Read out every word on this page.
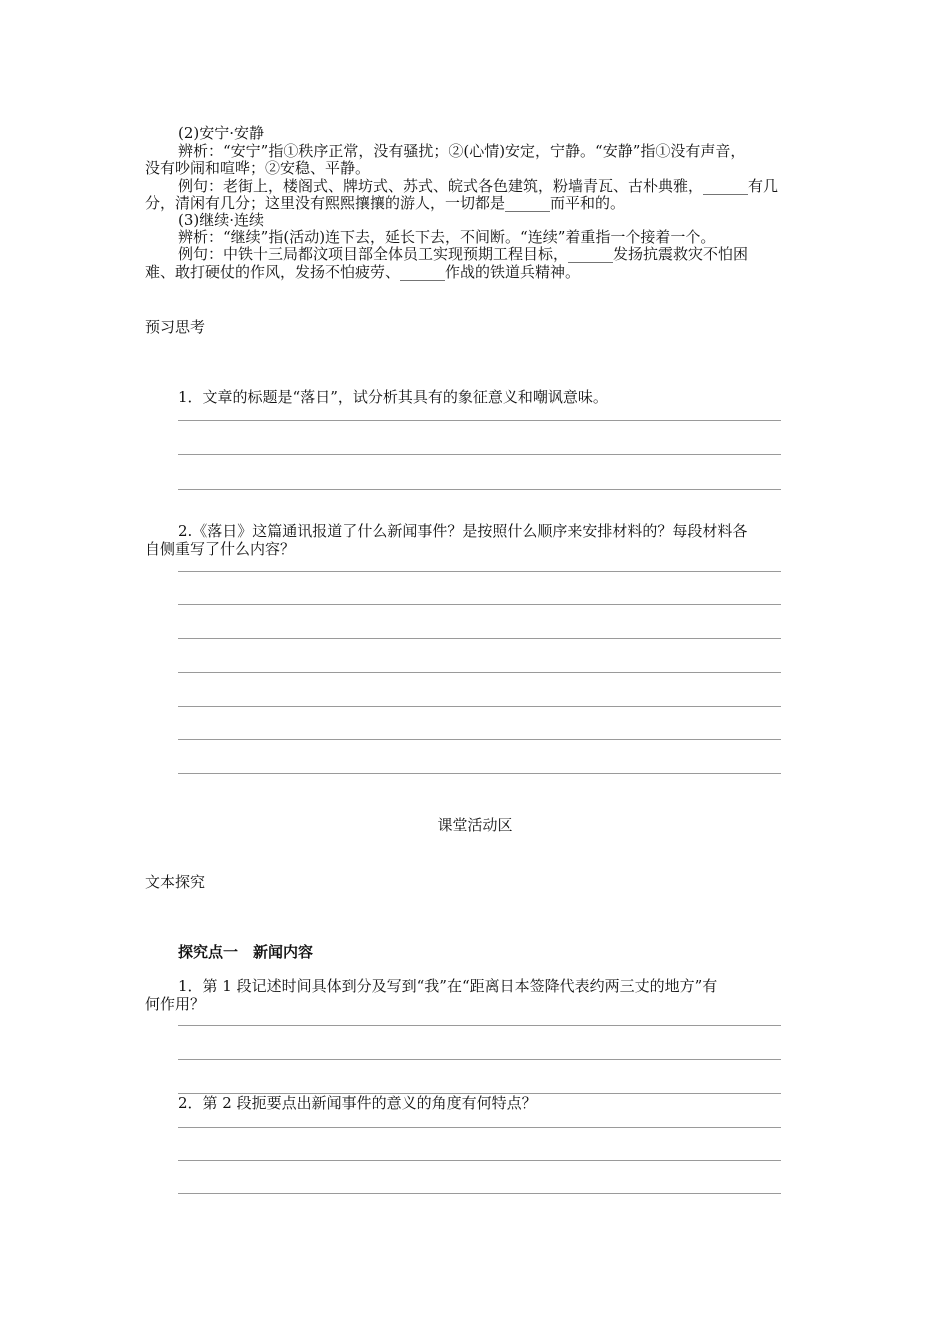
(2)安宁·安静
辨析：“安宁”指①秩序正常，没有骚扰；②(心情)安定，宁静。“安静”指①没有声音，
没有吵闹和喧哗；②安稳、平静。
例句：老街上，楼阁式、牌坊式、苏式、皖式各色建筑，粉墙青瓦、古朴典雅，______有几
分，清闲有几分；这里没有熙熙攘攘的游人，一切都是______而平和的。
(3)继续·连续
辨析：“继续”指(活动)连下去，延长下去，不间断。“连续”着重指一个接着一个。
例句：中铁十三局都汶项目部全体员工实现预期工程目标，______发扬抗震救灾不怕困
难、敢打硬仗的作风，发扬不怕疲劳、______作战的铁道兵精神。
预习思考
1．文章的标题是“落日”，试分析其具有的象征意义和嘲讽意味。
2.《落日》这篇通讯报道了什么新闻事件？是按照什么顺序来安排材料的？每段材料各
自侧重写了什么内容？
课堂活动区
文本探究
探究点一　新闻内容
1．第 1 段记述时间具体到分及写到“我”在“距离日本签降代表约两三丈的地方”有
何作用？
2．第 2 段扼要点出新闻事件的意义的角度有何特点？
